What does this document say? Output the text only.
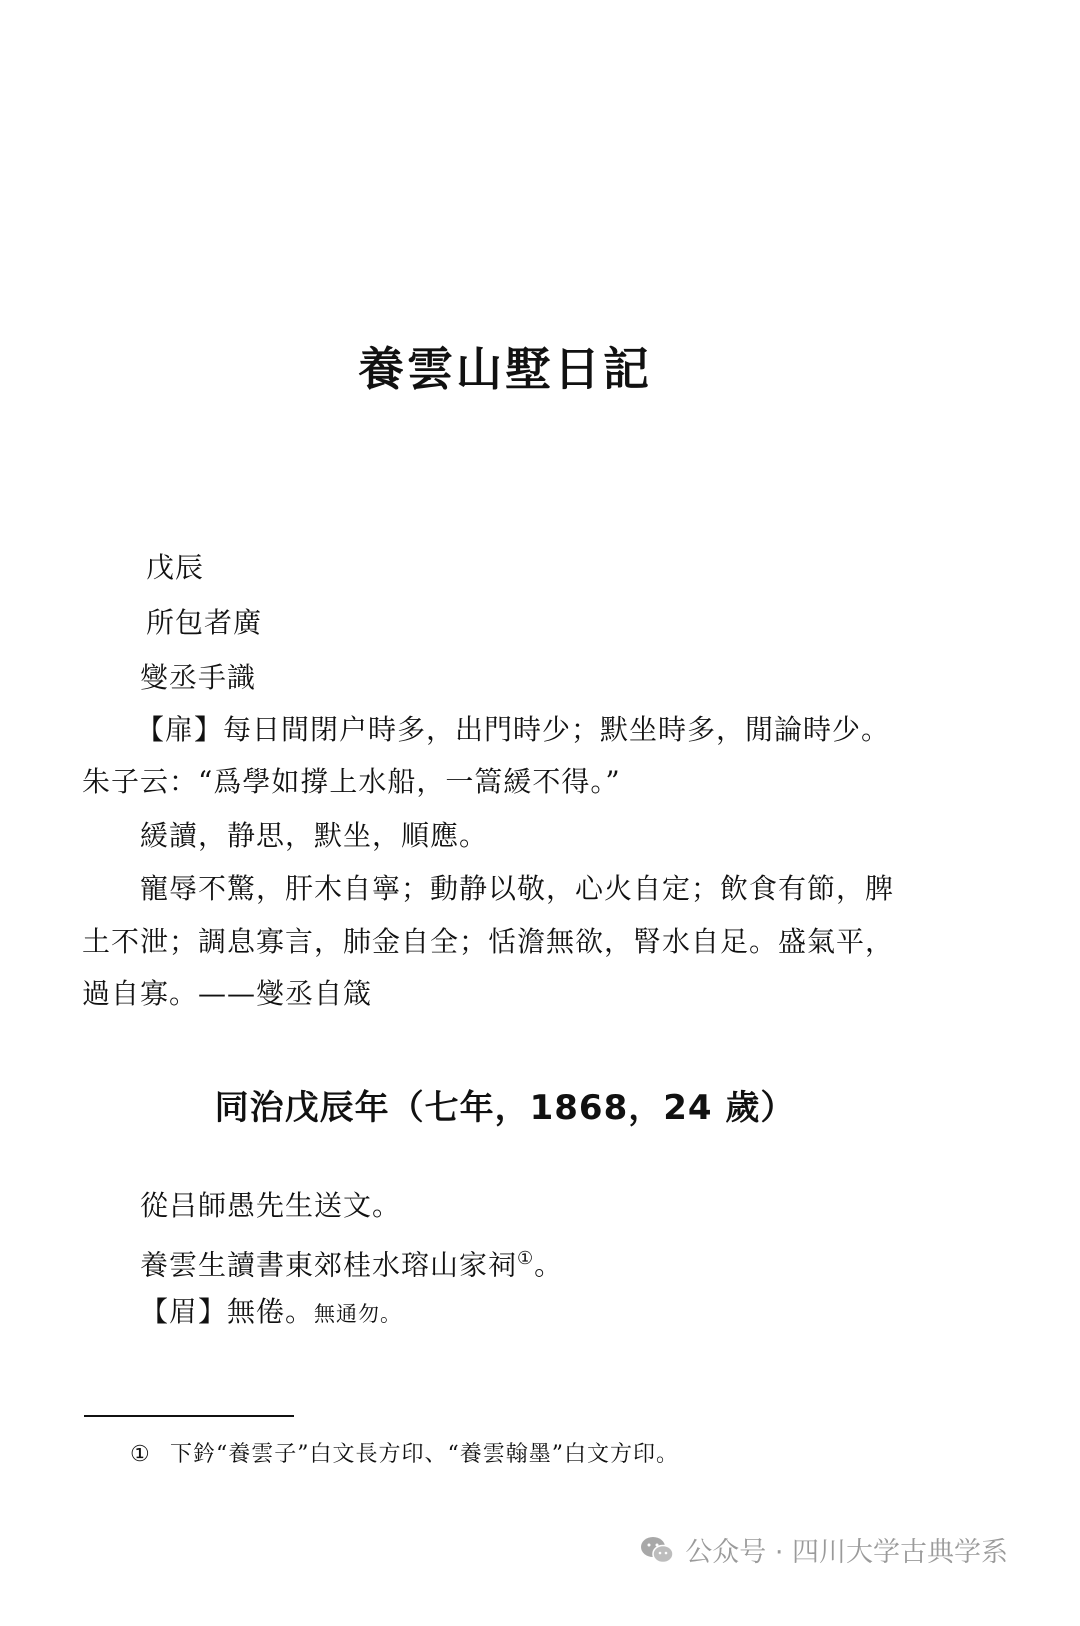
養雲山墅日記
戊辰
所包者廣
燮丞手識
【扉】每日間閉户時多，出門時少；默坐時多，閒論時少。
朱子云：“爲學如撐上水船，一篙緩不得。”
緩讀，静思，默坐，順應。
寵辱不驚，肝木自寧；動静以敬，心火自定；飲食有節，脾
土不泄；調息寡言，肺金自全；恬澹無欲，腎水自足。盛氣平，
過自寡。——燮丞自箴
同治戊辰年（七年，1868，24 歲）
從吕師愚先生送文。
養雲生讀書東郊桂水瑢山家祠①。
【眉】無倦。無通勿。
① 下鈐“養雲子”白文長方印、“養雲翰墨”白文方印。
公众号 · 四川大学古典学系
